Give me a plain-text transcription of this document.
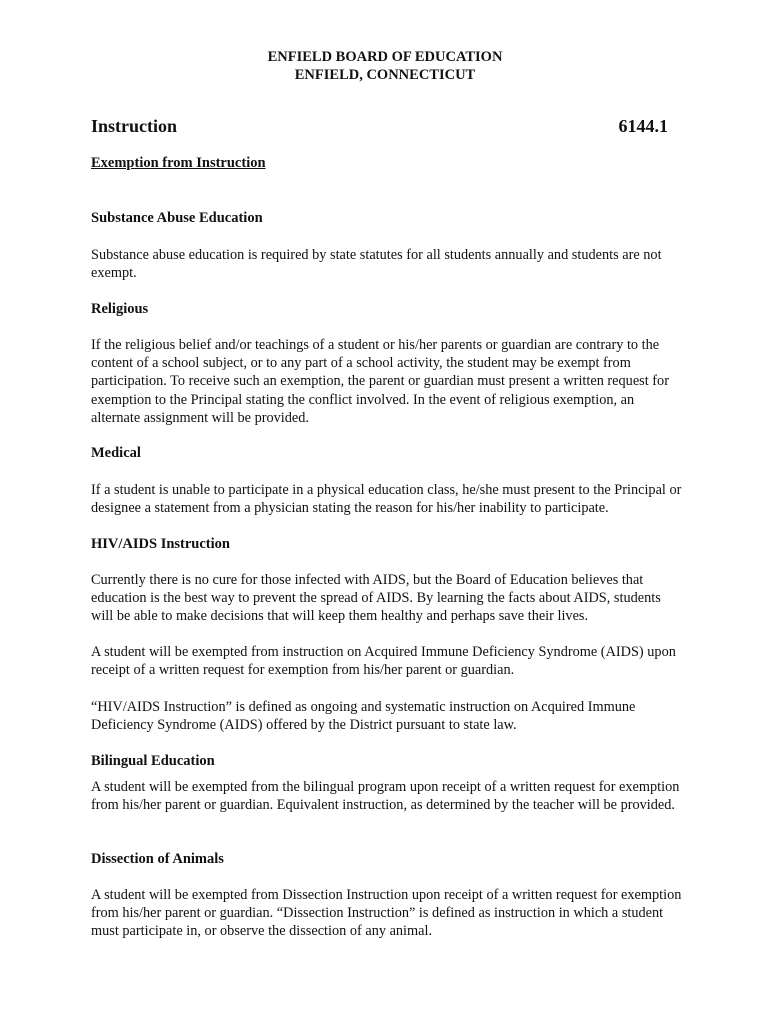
ENFIELD BOARD OF EDUCATION
ENFIELD, CONNECTICUT
Instruction	6144.1
Exemption from Instruction
Substance Abuse Education

Substance abuse education is required by state statutes for all students annually and students are not exempt.

Religious

If the religious belief and/or teachings of a student or his/her parents or guardian are contrary to the content of a school subject, or to any part of a school activity, the student may be exempt from participation. To receive such an exemption, the parent or guardian must present a written request for exemption to the Principal stating the conflict involved. In the event of religious exemption, an alternate assignment will be provided.

Medical

If a student is unable to participate in a physical education class, he/she must present to the Principal or designee a statement from a physician stating the reason for his/her inability to participate.

HIV/AIDS Instruction

Currently there is no cure for those infected with AIDS, but the Board of Education believes that education is the best way to prevent the spread of AIDS. By learning the facts about AIDS, students will be able to make decisions that will keep them healthy and perhaps save their lives.

A student will be exempted from instruction on Acquired Immune Deficiency Syndrome (AIDS) upon receipt of a written request for exemption from his/her parent or guardian.

“HIV/AIDS Instruction” is defined as ongoing and systematic instruction on Acquired Immune Deficiency Syndrome (AIDS) offered by the District pursuant to state law.

Bilingual Education

A student will be exempted from the bilingual program upon receipt of a written request for exemption from his/her parent or guardian. Equivalent instruction, as determined by the teacher will be provided.

Dissection of Animals

A student will be exempted from Dissection Instruction upon receipt of a written request for exemption from his/her parent or guardian. “Dissection Instruction” is defined as instruction in which a student must participate in, or observe the dissection of any animal.
